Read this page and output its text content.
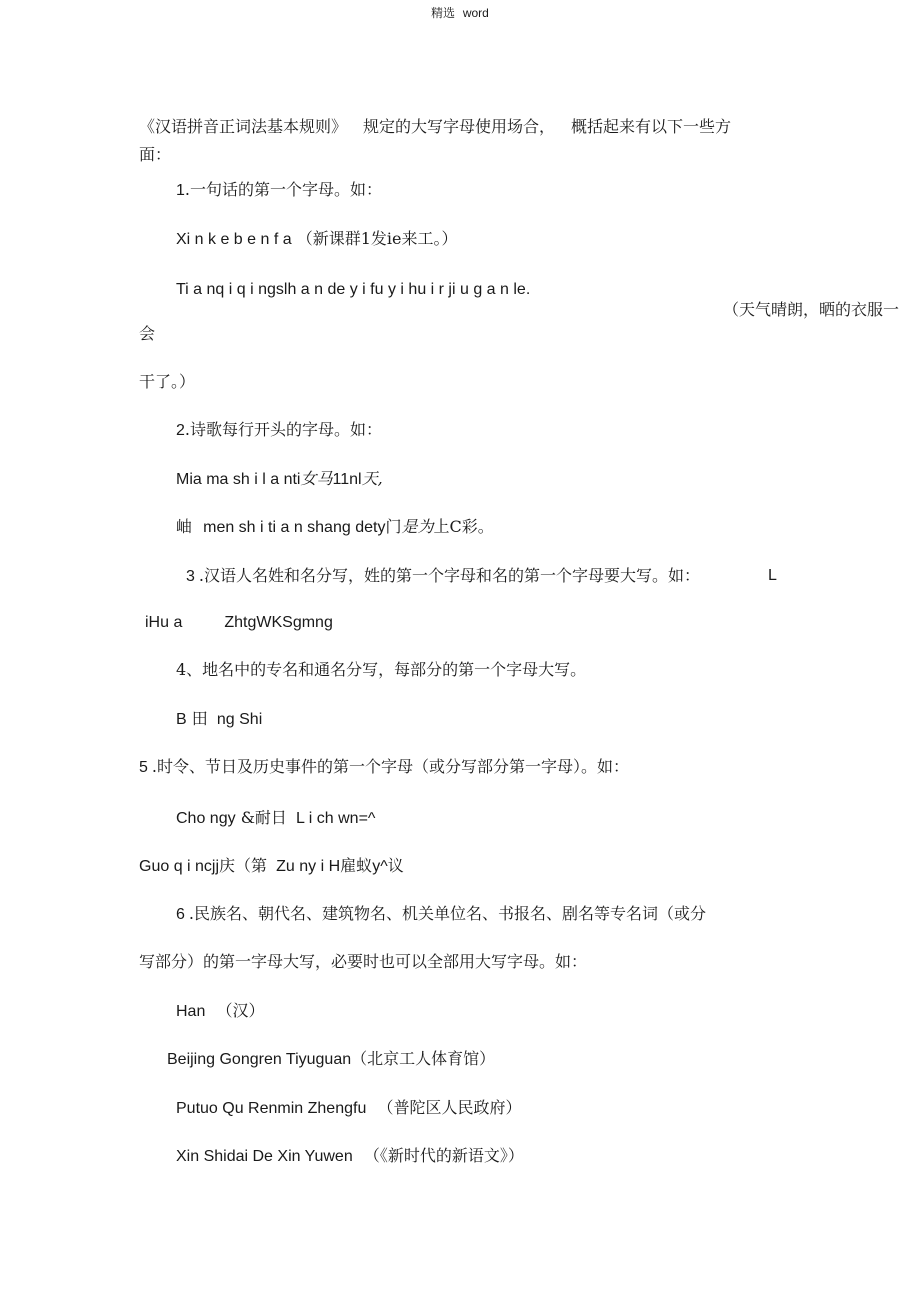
精选 word
《汉语拼音正词法基本规则》 规定的大写字母使用场合， 概括起来有以下一些方
面：
1.一句话的第一个字母。如：
Xi n k e b e n f a （新课群1发ie来工。）
Ti a nq i q i ngslh a n de y i fu y i hu i r ji u g a n le.
（天气晴朗，晒的衣服一
会
干了。）
2.诗歌每行开头的字母。如：
Mia ma sh i l a nti女马11nl天,
岫 men sh i ti a n shang dety门是为上C彩。
3 .汉语人名姓和名分写，姓的第一个字母和名的第一个字母要大写。如：	L
iHu a	ZhtgWKSgmng
4、地名中的专名和通名分写，每部分的第一个字母大写。
B 田 ng Shi
5 .时令、节日及历史事件的第一个字母（或分写部分第一字母）。如：
Cho ngy &耐日 L i ch wn=^
Guo q i ncjj庆（第 Zu ny i H雇蚁y^议
6 .民族名、朝代名、建筑物名、机关单位名、书报名、剧名等专名词（或分
写部分）的第一字母大写，必要时也可以全部用大写字母。如：
Han （汉）
Beijing Gongren Tiyuguan（北京工人体育馆）
Putuo Qu Renmin Zhengfu （普陀区人民政府）
Xin Shidai De Xin Yuwen （《新时代的新语文》）
